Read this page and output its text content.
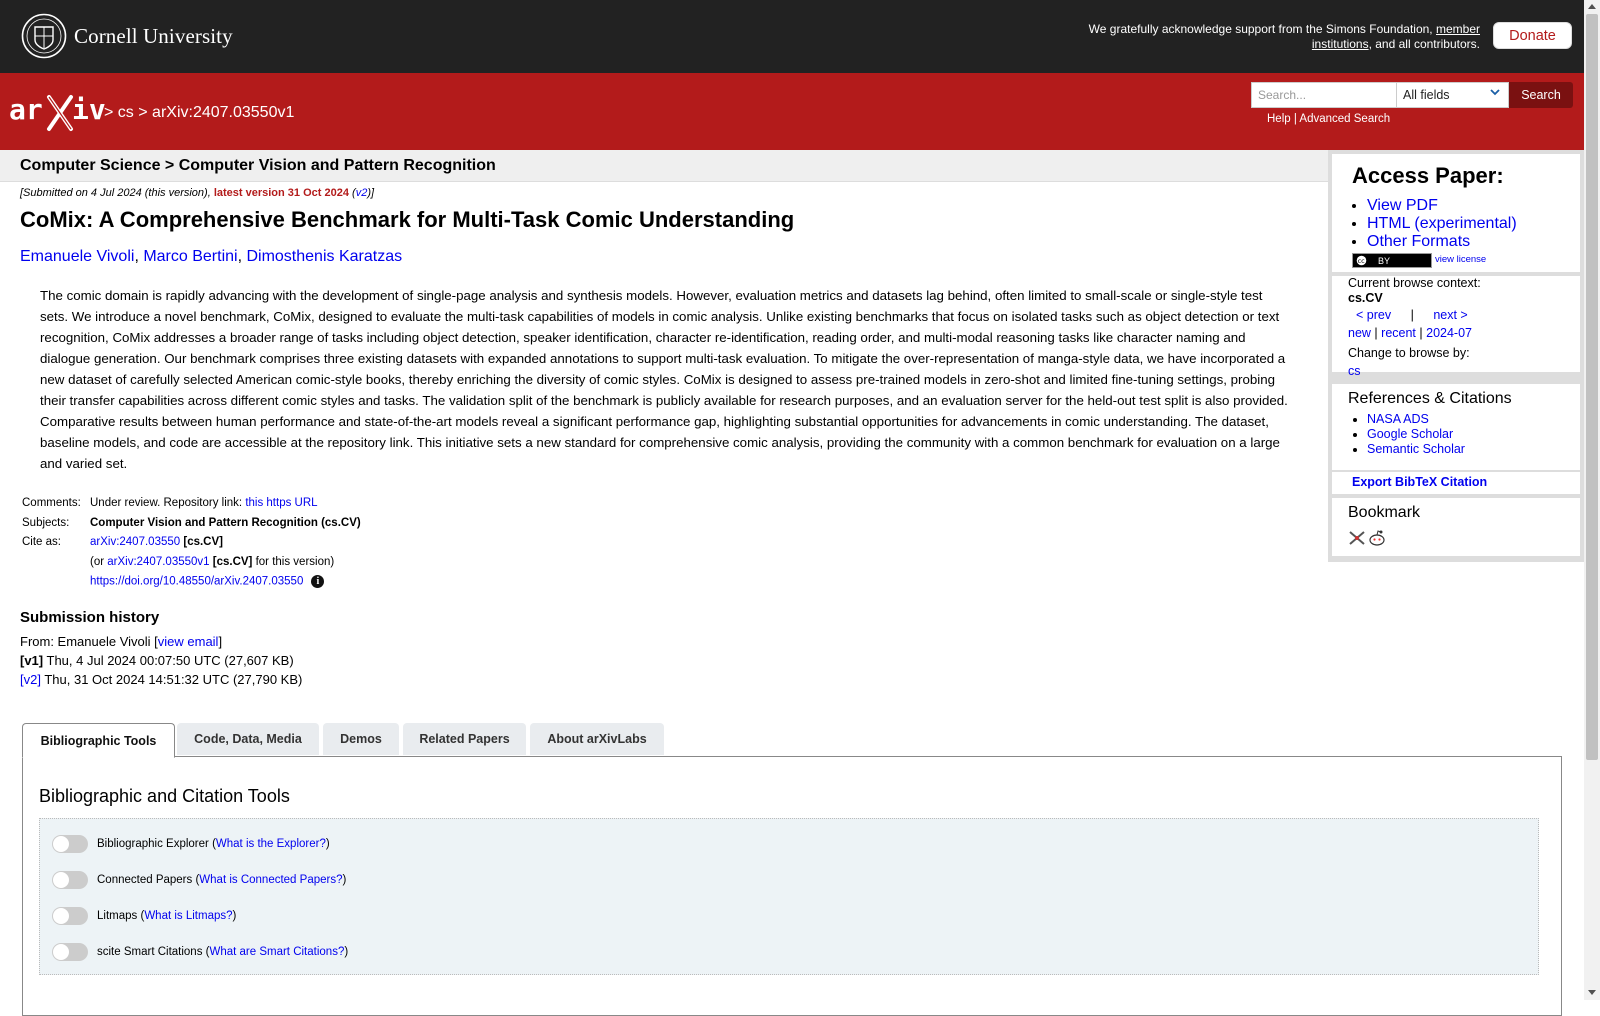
Cornell University	We gratefully acknowledge support from the Simons Foundation, member institutions, and all contributors.	Donate
ar iv
> cs > arXiv:2407.03550v1
Search...
All fields	Search
Help | Advanced Search
Computer Science > Computer Vision and Pattern Recognition
[Submitted on 4 Jul 2024 (this version), latest version 31 Oct 2024 (v2)]
CoMix: A Comprehensive Benchmark for Multi-Task Comic Understanding
Emanuele Vivoli, Marco Bertini, Dimosthenis Karatzas

The comic domain is rapidly advancing with the development of single-page analysis and synthesis models. However, evaluation metrics and datasets lag behind, often limited to small-scale or single-style test sets. We introduce a novel benchmark, CoMix, designed to evaluate the multi-task capabilities of models in comic analysis. Unlike existing benchmarks that focus on isolated tasks such as object detection or text recognition, CoMix addresses a broader range of tasks including object detection, speaker identification, character re-identification, reading order, and multi-modal reasoning tasks like character naming and dialogue generation. Our benchmark comprises three existing datasets with expanded annotations to support multi-task evaluation. To mitigate the over-representation of manga-style data, we have incorporated a new dataset of carefully selected American comic-style books, thereby enriching the diversity of comic styles. CoMix is designed to assess pre-trained models in zero-shot and limited fine-tuning settings, probing their transfer capabilities across different comic styles and tasks. The validation split of the benchmark is publicly available for research purposes, and an evaluation server for the held-out test split is also provided. Comparative results between human performance and state-of-the-art models reveal a significant performance gap, highlighting substantial opportunities for advancements in comic understanding. The dataset, baseline models, and code are accessible at the repository link. This initiative sets a new standard for comprehensive comic analysis, providing the community with a common benchmark for evaluation on a large and varied set.

Comments:	Under review. Repository link: this https URL
Subjects:	Computer Vision and Pattern Recognition (cs.CV)
Cite as:	arXiv:2407.03550 [cs.CV]
	(or arXiv:2407.03550v1 [cs.CV] for this version)
	https://doi.org/10.48550/arXiv.2407.03550 i
Submission history
From: Emanuele Vivoli [view email]
[v1] Thu, 4 Jul 2024 00:07:50 UTC (27,607 KB)
[v2] Thu, 31 Oct 2024 14:51:32 UTC (27,790 KB)
Bibliographic Tools	Code, Data, Media	Demos	Related Papers	About arXivLabs
Bibliographic and Citation Tools
Bibliographic Explorer ( What is the Explorer? )
Connected Papers ( What is Connected Papers? )
Litmaps ( What is Litmaps? )
scite Smart Citations ( What are Smart Citations? )
Access Paper:
• View PDF
• HTML (experimental)
• Other Formats
cc BY	view license
Current browse context:
cs.CV
< prev | next >
new | recent | 2024-07
Change to browse by:
cs
References & Citations
• NASA ADS
• Google Scholar
• Semantic Scholar
Export BibTeX Citation
Bookmark
